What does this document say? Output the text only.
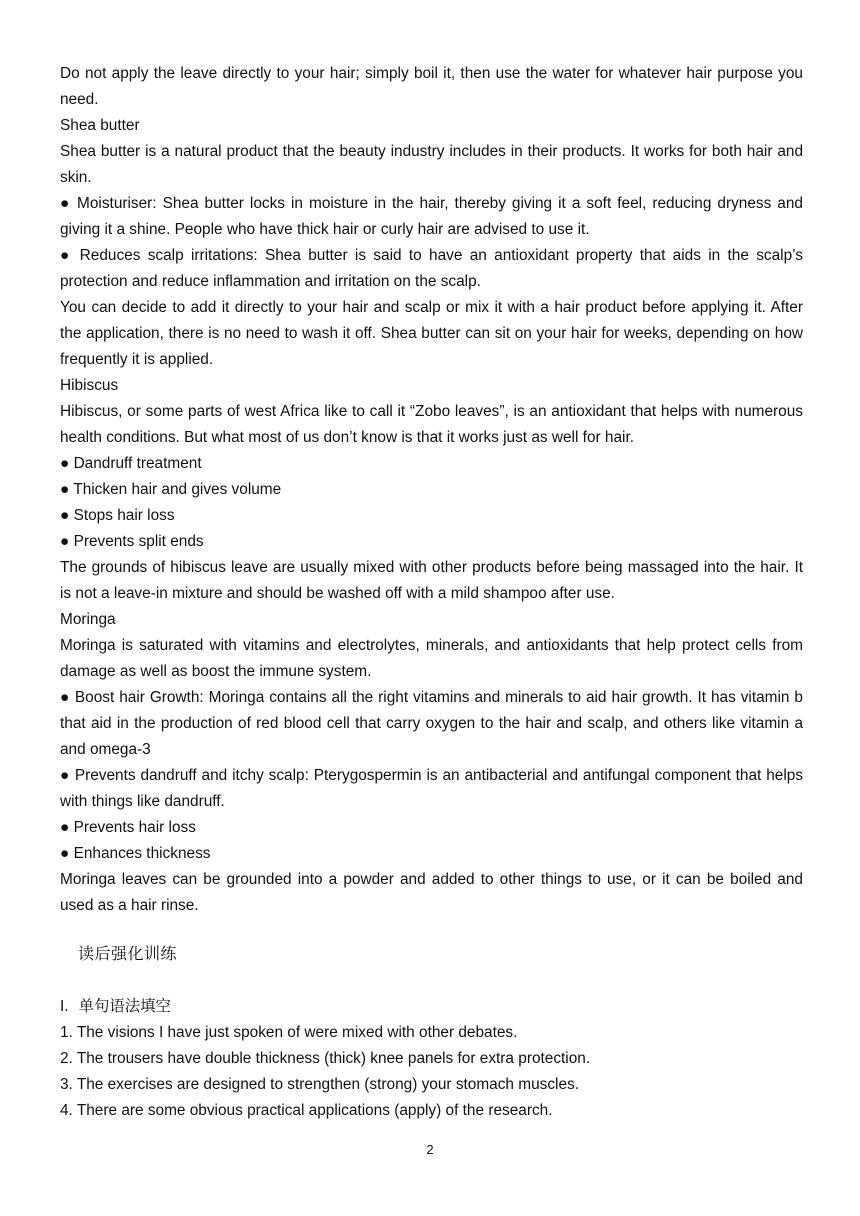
Do not apply the leave directly to your hair; simply boil it, then use the water for whatever hair purpose you need.

Shea butter

Shea butter is a natural product that the beauty industry includes in their products. It works for both hair and skin.

● Moisturiser: Shea butter locks in moisture in the hair, thereby giving it a soft feel, reducing dryness and giving it a shine. People who have thick hair or curly hair are advised to use it.

● Reduces scalp irritations: Shea butter is said to have an antioxidant property that aids in the scalp’s protection and reduce inflammation and irritation on the scalp.

You can decide to add it directly to your hair and scalp or mix it with a hair product before applying it. After the application, there is no need to wash it off. Shea butter can sit on your hair for weeks, depending on how frequently it is applied.

Hibiscus

Hibiscus, or some parts of west Africa like to call it “Zobo leaves”, is an antioxidant that helps with numerous health conditions. But what most of us don’t know is that it works just as well for hair.

● Dandruff treatment

● Thicken hair and gives volume

● Stops hair loss

● Prevents split ends

The grounds of hibiscus leave are usually mixed with other products before being massaged into the hair. It is not a leave-in mixture and should be washed off with a mild shampoo after use.

Moringa

Moringa is saturated with vitamins and electrolytes, minerals, and antioxidants that help protect cells from damage as well as boost the immune system.

● Boost hair Growth: Moringa contains all the right vitamins and minerals to aid hair growth. It has vitamin b that aid in the production of red blood cell that carry oxygen to the hair and scalp, and others like vitamin a and omega-3

● Prevents dandruff and itchy scalp: Pterygospermin is an antibacterial and antifungal component that helps with things like dandruff.

● Prevents hair loss

● Enhances thickness

Moringa leaves can be grounded into a powder and added to other things to use, or it can be boiled and used as a hair rinse.

读后强化训练

I. 单句语法填空

1. The visions I have just spoken of were mixed with other debates.

2. The trousers have double thickness (thick) knee panels for extra protection.

3. The exercises are designed to strengthen (strong) your stomach muscles.

4. There are some obvious practical applications (apply) of the research.

2
